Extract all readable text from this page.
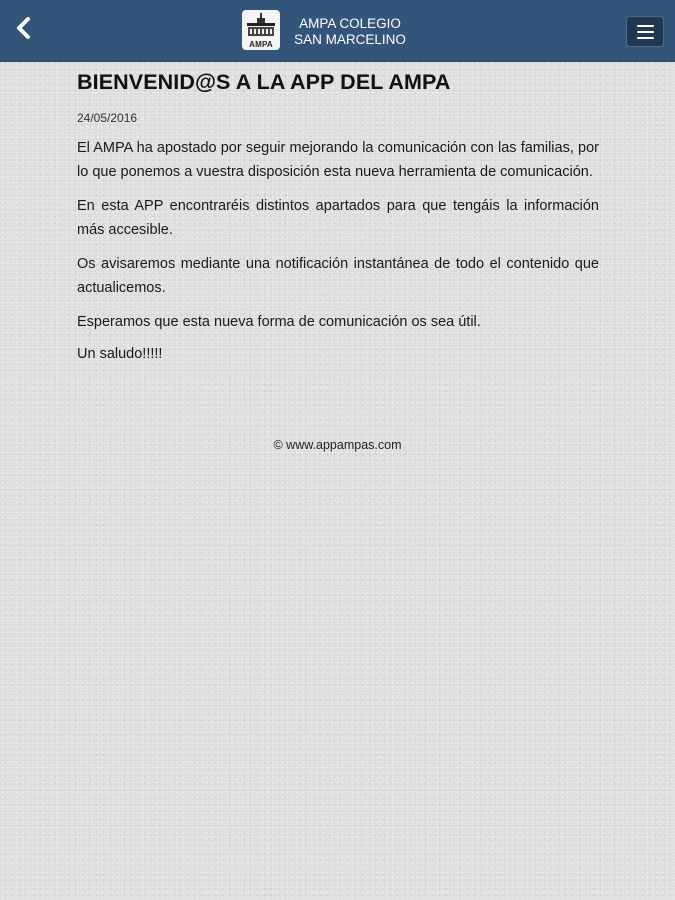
AMPA
AMPA COLEGIO
SAN MARCELINO
BIENVENID@S A LA APP DEL AMPA
24/05/2016

El AMPA ha apostado por seguir mejorando la comunicación con las familias, por lo que ponemos a vuestra disposición esta nueva herramienta de comunicación.

En esta APP encontraréis distintos apartados para que tengáis la información más accesible.

Os avisaremos mediante una notificación instantánea de todo el contenido que actualicemos.

Esperamos que esta nueva forma de comunicación os sea útil.

Un saludo!!!!!

© www.appampas.com
